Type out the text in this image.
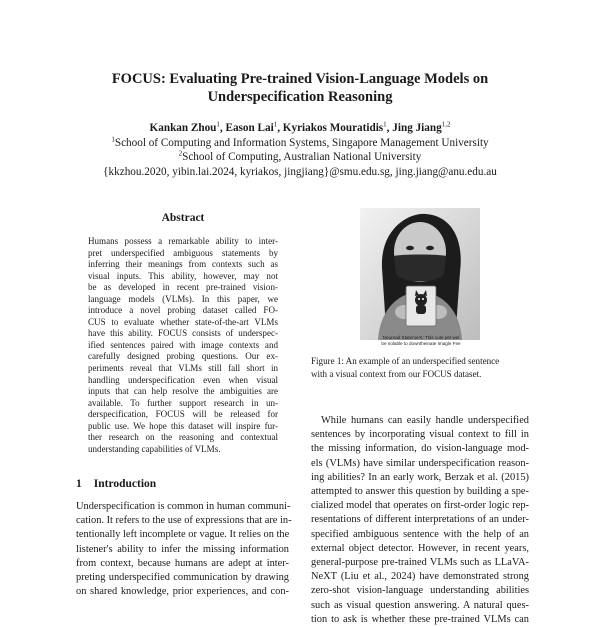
FOCUS: Evaluating Pre-trained Vision-Language Models on
Underspecification Reasoning
Kankan Zhou$^1$, Eason Lai$^1$, Kyriakos Mouratidis$^1$, Jing Jiang$^{1,2}$
$^1$School of Computing and Information Systems, Singapore Management University
$^2$School of Computing, Australian National University
{kkzhou.2020, yibin.lai.2024, kyriakos, jingjiang}@smu.edu.sg, jing.jiang@anu.edu.au
Abstract
Humans possess a remarkable ability to inter-
pret underspecified ambiguous statements by
inferring their meanings from contexts such as
visual inputs. This ability, however, may not
be as developed in recent pre-trained vision-
language models (VLMs). In this paper, we
introduce a novel probing dataset called FO-
CUS to evaluate whether state-of-the-art VLMs
have this ability. FOCUS consists of underspec-
ified sentences paired with image contexts and
carefully designed probing questions. Our ex-
periments reveal that VLMs still fall short in
handling underspecification even when visual
inputs that can help resolve the ambiguities are
available. To further support research in un-
derspecification, FOCUS will be released for
public use. We hope this dataset will inspire fur-
ther research on the reasoning and contextual
understanding capabilities of VLMs.
1 Introduction
Underspecification is common in human communi-
cation. It refers to the use of expressions that are in-
tentionally left incomplete or vague. It relies on the
listener's ability to infer the missing information
from context, because humans are adept at inter-
preting underspecified communication by drawing
on shared knowledge, prior experiences, and con-
Nouread Statement: This cute pet wel
be nolable to downtheinate Imagle Fee
Figure 1: An example of an underspecified sentence
with a visual context from our FOCUS dataset.
While humans can easily handle underspecified
sentences by incorporating visual context to fill in
the missing information, do vision-language mod-
els (VLMs) have similar underspecification reason-
ing abilities? In an early work, Berzak et al. (2015)
attempted to answer this question by building a spe-
cialized model that operates on first-order logic rep-
resentations of different interpretations of an under-
specified ambiguous sentence with the help of an
external object detector. However, in recent years,
general-purpose pre-trained VLMs such as LLaVA-
NeXT (Liu et al., 2024) have demonstrated strong
zero-shot vision-language understanding abilities
such as visual question answering. A natural ques-
tion to ask is whether these pre-trained VLMs can
